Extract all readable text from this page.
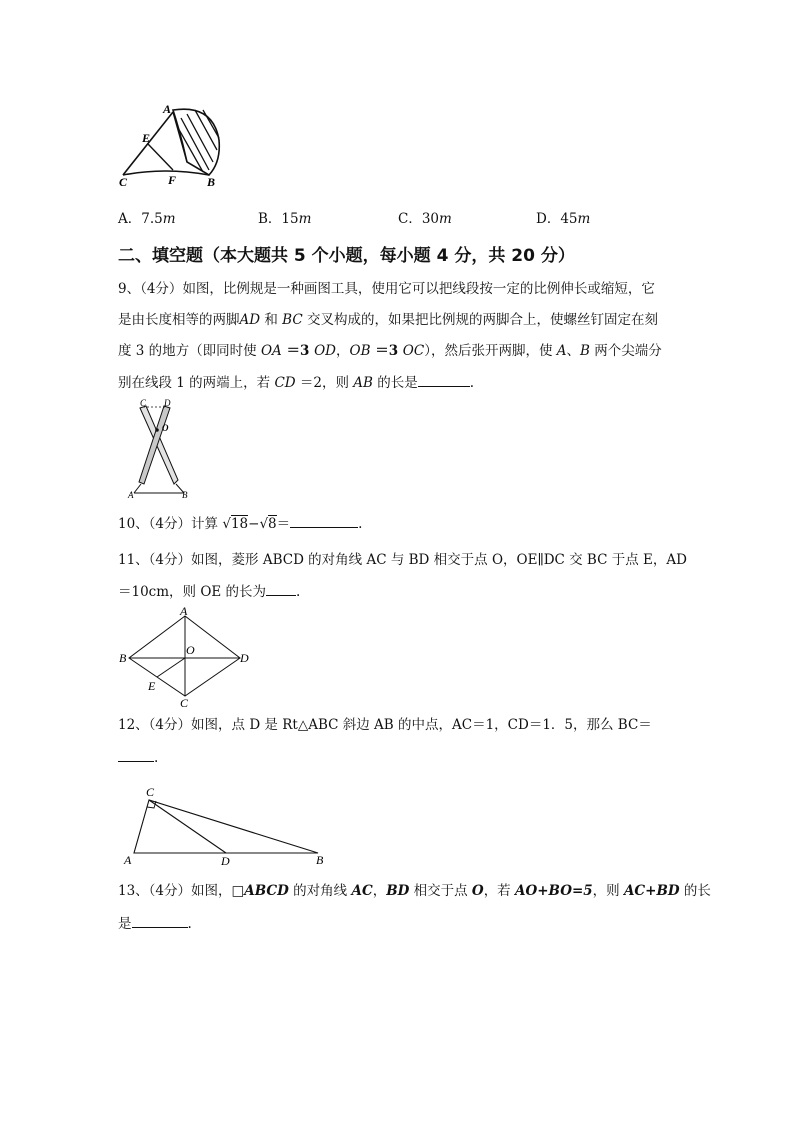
A
E
C	F	B
A．7.5m	B．15m	C．30m	D．45m
二、填空题（本大题共 5 个小题，每小题 4 分，共 20 分）
9、（4分）如图，比例规是一种画图工具，使用它可以把线段按一定的比例伸长或缩短，它
是由长度相等的两脚AD 和 BC 交叉构成的，如果把比例规的两脚合上，使螺丝钉固定在刻
度 3 的地方（即同时使 OA ＝3 OD，OB ＝3 OC），然后张开两脚，使 A、B 两个尖端分
别在线段 1 的两端上，若 CD ＝2，则 AB 的长是	.
C D
O
A	B
10、（4分）计算 √18−√8＝	.
11、（4分）如图，菱形 ABCD 的对角线 AC 与 BD 相交于点 O，OE∥DC 交 BC 于点 E，AD
＝10cm，则 OE 的长为 .
A
B
O
D
E
C
12、（4分）如图，点 D 是 Rt△ABC 斜边 AB 的中点，AC＝1，CD＝1．5，那么 BC＝
.
C
A	D	B
13、（4分）如图，□ABCD 的对角线 AC，BD 相交于点 O，若 AO+BO=5，则 AC+BD 的长
是	.
